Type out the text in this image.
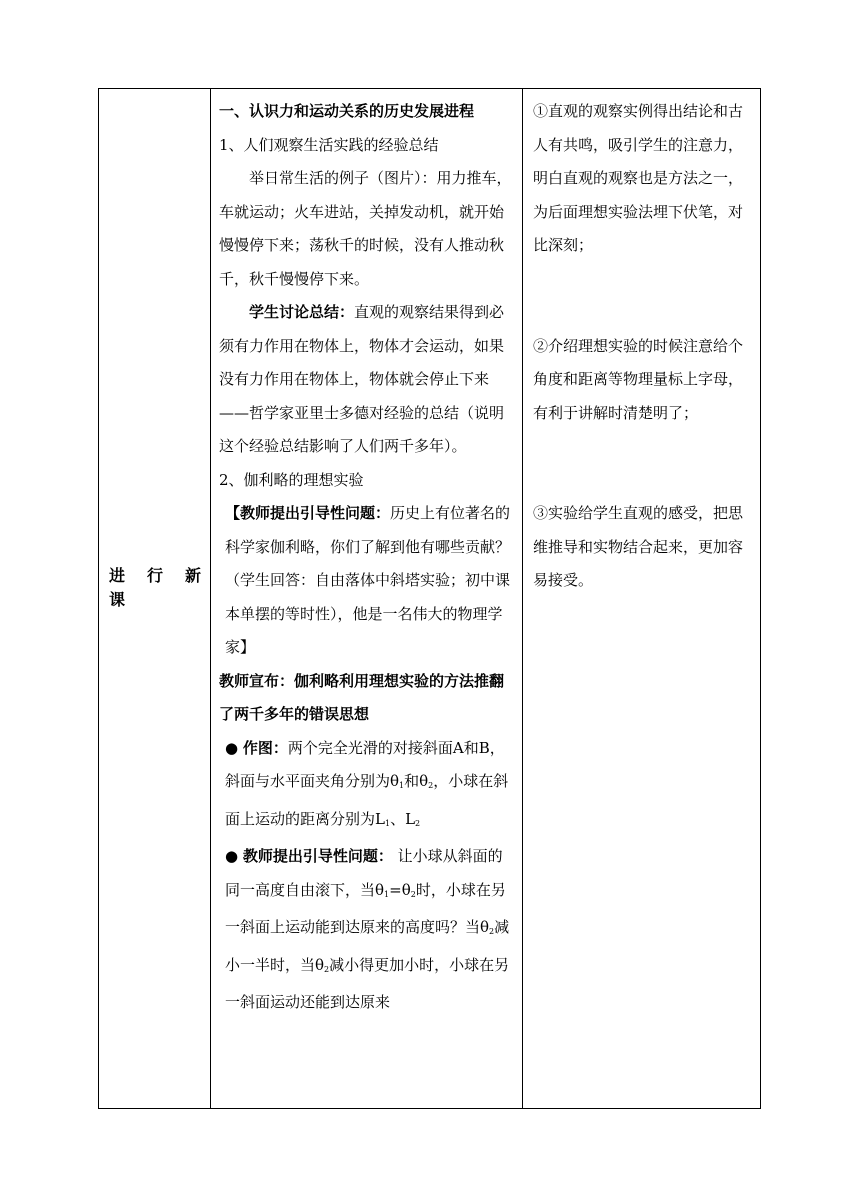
进 行 新
课

一、认识力和运动关系的历史发展进程

1、人们观察生活实践的经验总结

举日常生活的例子（图片）：用力推车，车就运动；火车进站，关掉发动机，就开始慢慢停下来；荡秋千的时候，没有人推动秋千，秋千慢慢停下来。

学生讨论总结：直观的观察结果得到必须有力作用在物体上，物体才会运动，如果没有力作用在物体上，物体就会停止下来——哲学家亚里士多德对经验的总结（说明这个经验总结影响了人们两千多年）。

2、伽利略的理想实验

【教师提出引导性问题：历史上有位著名的科学家伽利略，你们了解到他有哪些贡献？（学生回答：自由落体中斜塔实验；初中课本单摆的等时性），他是一名伟大的物理学家】

教师宣布：伽利略利用理想实验的方法推翻了两千多年的错误思想

● 作图：两个完全光滑的对接斜面A和B，斜面与水平面夹角分别为$\theta_1$和$\theta_2$，小球在斜面上运动的距离分别为$L_1$、$L_2$

● 教师提出引导性问题： 让小球从斜面的同一高度自由滚下，当$\theta_1=\theta_2$时，小球在另一斜面上运动能到达原来的高度吗？当$\theta_2$减小一半时，当$\theta_2$减小得更加小时，小球在另一斜面运动还能到达原来

①直观的观察实例得出结论和古人有共鸣，吸引学生的注意力，明白直观的观察也是方法之一，为后面理想实验法埋下伏笔，对比深刻；

②介绍理想实验的时候注意给个角度和距离等物理量标上字母，有利于讲解时清楚明了；

③实验给学生直观的感受，把思维推导和实物结合起来，更加容易接受。
